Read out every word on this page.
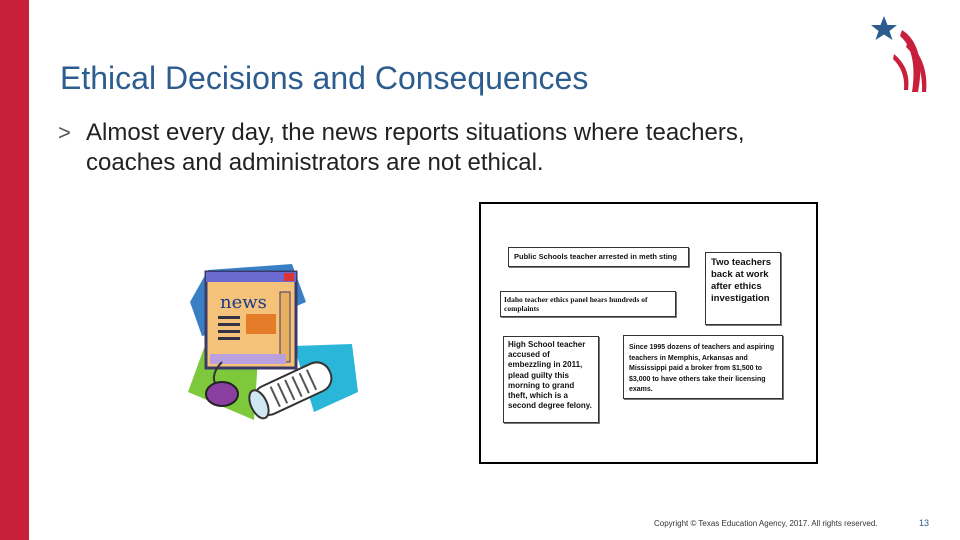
Ethical Decisions and Consequences
> Almost every day, the news reports situations where teachers, coaches and administrators are not ethical.
news
Public Schools teacher arrested in meth sting
Idaho teacher ethics panel hears hundreds of complaints
Two teachers back at work after ethics investigation
High School teacher accused of embezzling in 2011, plead guilty this morning to grand theft, which is a second degree felony.
Since 1995 dozens of teachers and aspiring teachers in Memphis, Arkansas and Mississippi paid a broker from $1,500 to $3,000 to have others take their licensing exams.
Copyright © Texas Education Agency, 2017. All rights reserved.	13
